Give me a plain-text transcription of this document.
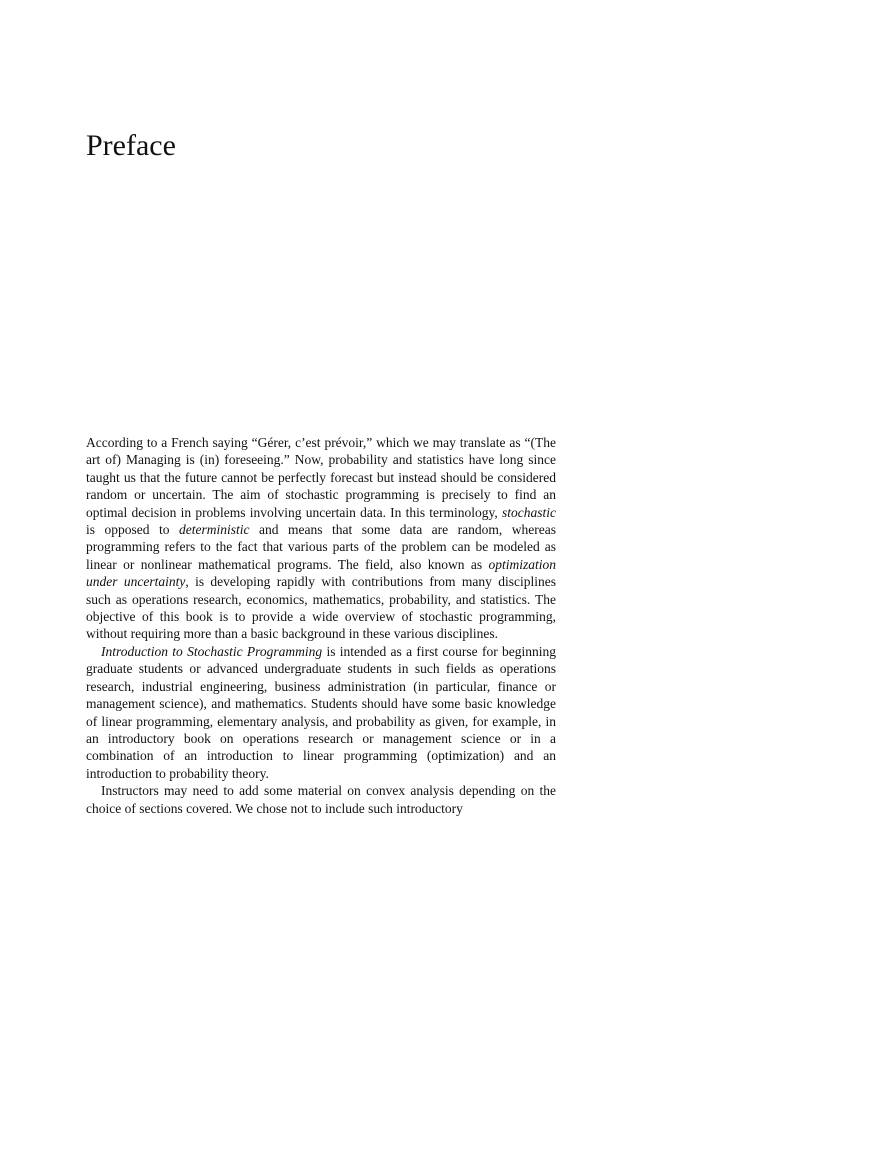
Preface

According to a French saying “Gérer, c’est prévoir,” which we may translate as “(The art of) Managing is (in) foreseeing.” Now, probability and statistics have long since taught us that the future cannot be perfectly forecast but instead should be considered random or uncertain. The aim of stochastic programming is precisely to find an optimal decision in problems involving uncertain data. In this terminology, stochastic is opposed to deterministic and means that some data are random, whereas programming refers to the fact that various parts of the problem can be modeled as linear or nonlinear mathematical programs. The field, also known as optimization under uncertainty, is developing rapidly with contributions from many disciplines such as operations research, economics, mathematics, probability, and statistics. The objective of this book is to provide a wide overview of stochastic programming, without requiring more than a basic background in these various disciplines.

Introduction to Stochastic Programming is intended as a first course for beginning graduate students or advanced undergraduate students in such fields as operations research, industrial engineering, business administration (in particular, finance or management science), and mathematics. Students should have some basic knowledge of linear programming, elementary analysis, and probability as given, for example, in an introductory book on operations research or management science or in a combination of an introduction to linear programming (optimization) and an introduction to probability theory.

Instructors may need to add some material on convex analysis depending on the choice of sections covered. We chose not to include such introductory
